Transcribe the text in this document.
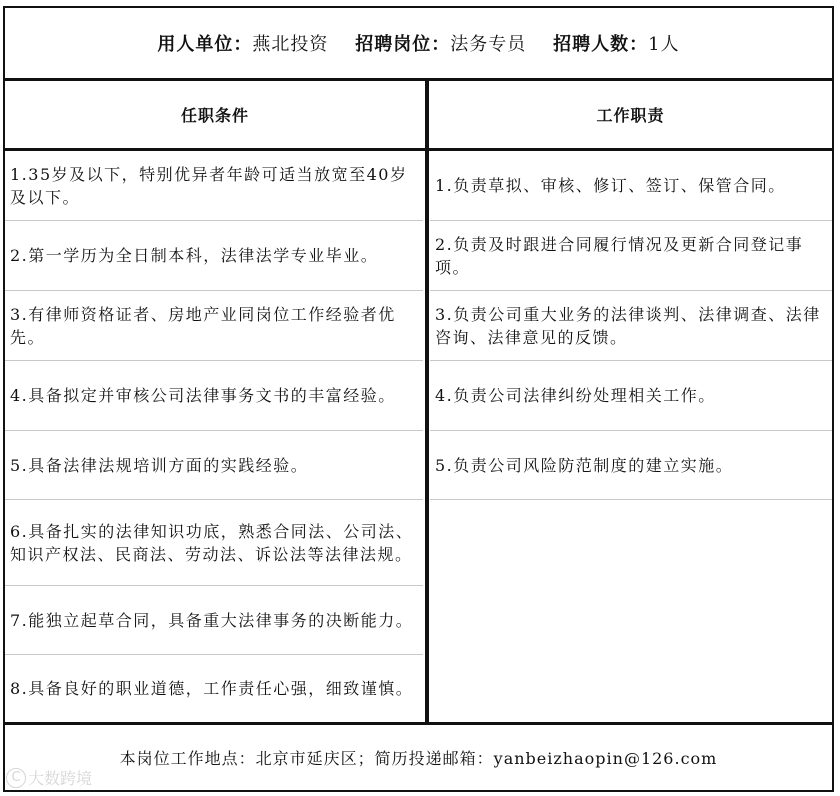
用人单位： 燕北投资
招聘岗位： 法务专员
招聘人数： 1人
任职条件	工作职责
1.35岁及以下，特别优异者年龄可适当放宽至40岁及以下。
2.第一学历为全日制本科，法律法学专业毕业。
3.有律师资格证者、房地产业同岗位工作经验者优先。
4.具备拟定并审核公司法律事务文书的丰富经验。
5.具备法律法规培训方面的实践经验。
6.具备扎实的法律知识功底，熟悉合同法、公司法、知识产权法、民商法、劳动法、诉讼法等法律法规。
7.能独立起草合同，具备重大法律事务的决断能力。
8.具备良好的职业道德，工作责任心强，细致谨慎。
1.负责草拟、审核、修订、签订、保管合同。
2.负责及时跟进合同履行情况及更新合同登记事项。
3.负责公司重大业务的法律谈判、法律调查、法律咨询、法律意见的反馈。
4.负责公司法律纠纷处理相关工作。
5.负责公司风险防范制度的建立实施。
本岗位工作地点：北京市延庆区；简历投递邮箱：yanbeizhaopin@126.com
C 大数跨境
